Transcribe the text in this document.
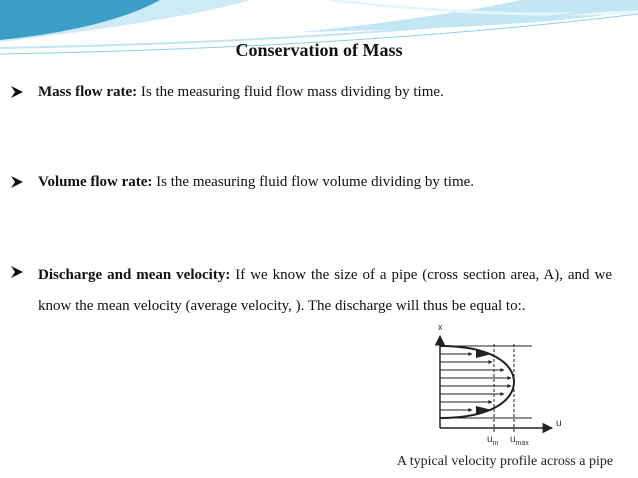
Conservation of Mass
Mass flow rate: Is the measuring fluid flow mass dividing by time.
Volume flow rate: Is the measuring fluid flow volume dividing by time.
Discharge and mean velocity: If we know the size of a pipe (cross section area, A), and we know the mean velocity (average velocity, ). The discharge will thus be equal to:.
x
u
$u_m$ $u_{max}$
A typical velocity profile across a pipe
